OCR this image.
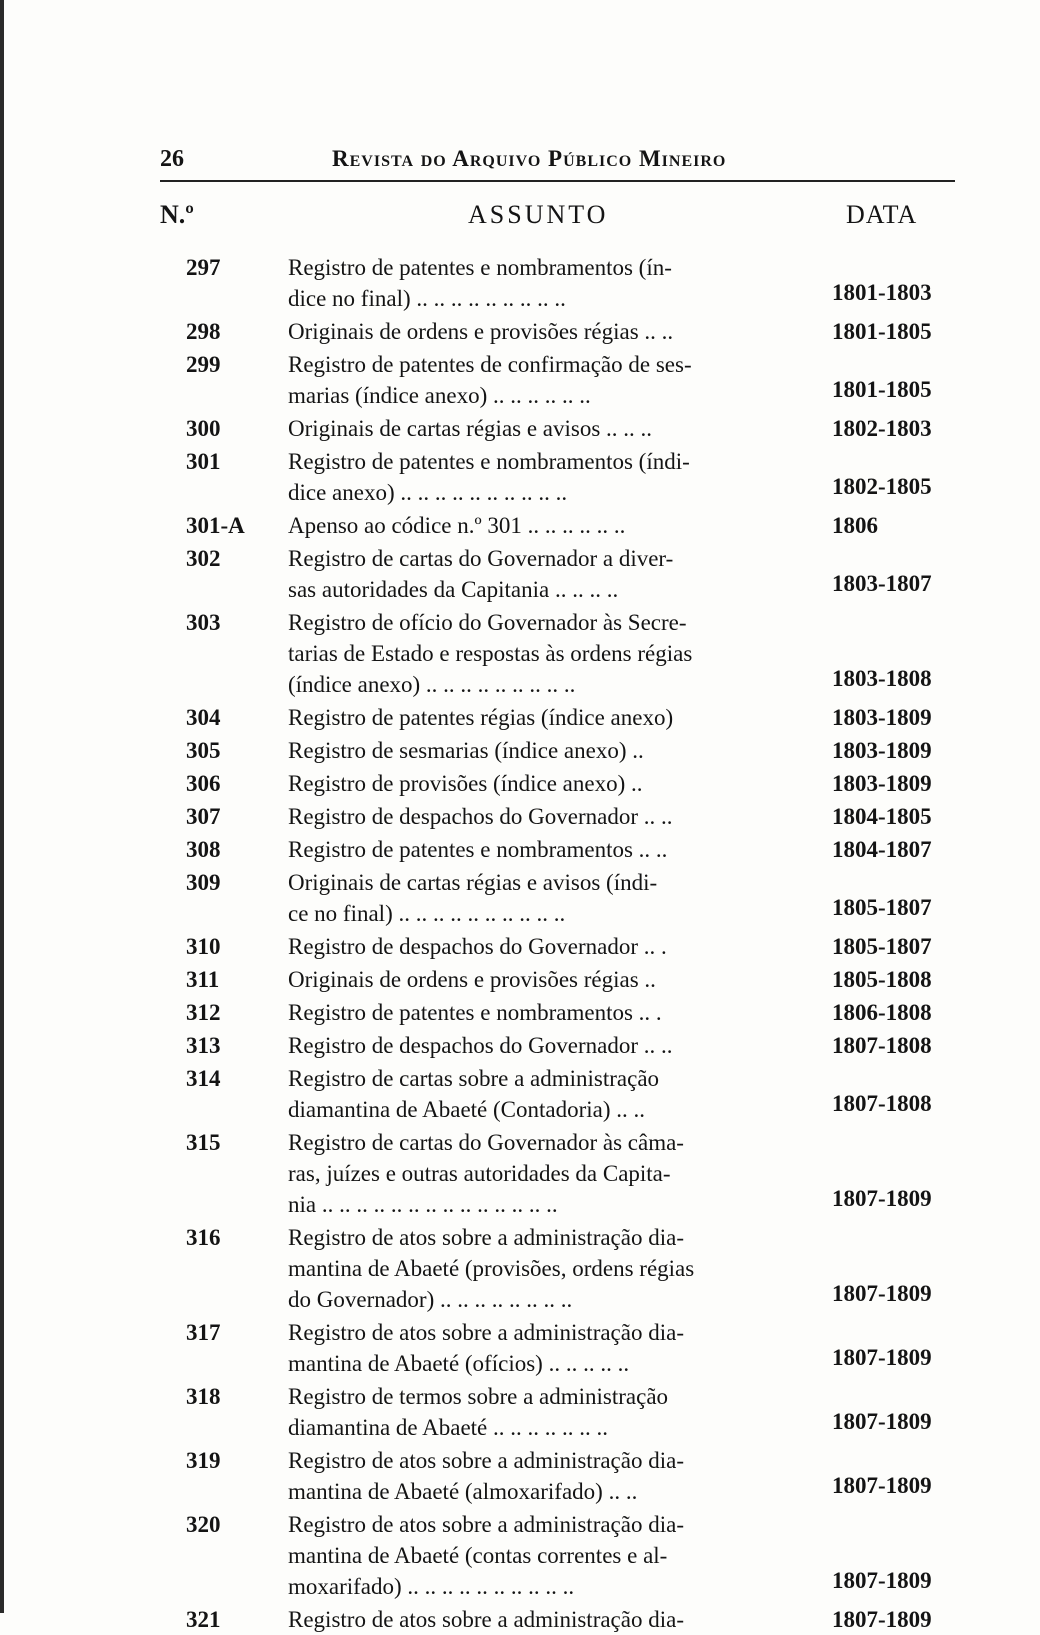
26	Revista do Arquivo Público Mineiro
N.º	ASSUNTO	DATA
297	Registro de patentes e nombramentos (ín-
dice no final) .. .. .. .. .. .. .. .. ..	1801-1803
298	Originais de ordens e provisões régias .. ..	1801-1805
299	Registro de patentes de confirmação de ses-
marias (índice anexo) .. .. .. .. .. ..	1801-1805
300	Originais de cartas régias e avisos .. .. ..	1802-1803
301	Registro de patentes e nombramentos (índi-
dice anexo) .. .. .. .. .. .. .. .. .. ..	1802-1805
301-A	Apenso ao códice n.º 301 .. .. .. .. .. ..	1806
302	Registro de cartas do Governador a diver-
sas autoridades da Capitania .. .. .. ..	1803-1807
303	Registro de ofício do Governador às Secre-
tarias de Estado e respostas às ordens régias
(índice anexo) .. .. .. .. .. .. .. .. ..	1803-1808
304	Registro de patentes régias (índice anexo)	1803-1809
305	Registro de sesmarias (índice anexo) ..	1803-1809
306	Registro de provisões (índice anexo) ..	1803-1809
307	Registro de despachos do Governador .. ..	1804-1805
308	Registro de patentes e nombramentos .. ..	1804-1807
309	Originais de cartas régias e avisos (índi-
ce no final) .. .. .. .. .. .. .. .. .. ..	1805-1807
310	Registro de despachos do Governador .. .	1805-1807
311	Originais de ordens e provisões régias ..	1805-1808
312	Registro de patentes e nombramentos .. .	1806-1808
313	Registro de despachos do Governador .. ..	1807-1808
314	Registro de cartas sobre a administração
diamantina de Abaeté (Contadoria) .. ..	1807-1808
315	Registro de cartas do Governador às câma-
ras, juízes e outras autoridades da Capita-
nia .. .. .. .. .. .. .. .. .. .. .. .. .. ..	1807-1809
316	Registro de atos sobre a administração dia-
mantina de Abaeté (provisões, ordens régias
do Governador) .. .. .. .. .. .. .. ..	1807-1809
317	Registro de atos sobre a administração dia-
mantina de Abaeté (ofícios) .. .. .. .. ..	1807-1809
318	Registro de termos sobre a administração
diamantina de Abaeté .. .. .. .. .. .. ..	1807-1809
319	Registro de atos sobre a administração dia-
mantina de Abaeté (almoxarifado) .. ..	1807-1809
320	Registro de atos sobre a administração dia-
mantina de Abaeté (contas correntes e al-
moxarifado) .. .. .. .. .. .. .. .. .. ..	1807-1809
321	Registro de atos sobre a administração dia-	1807-1809
